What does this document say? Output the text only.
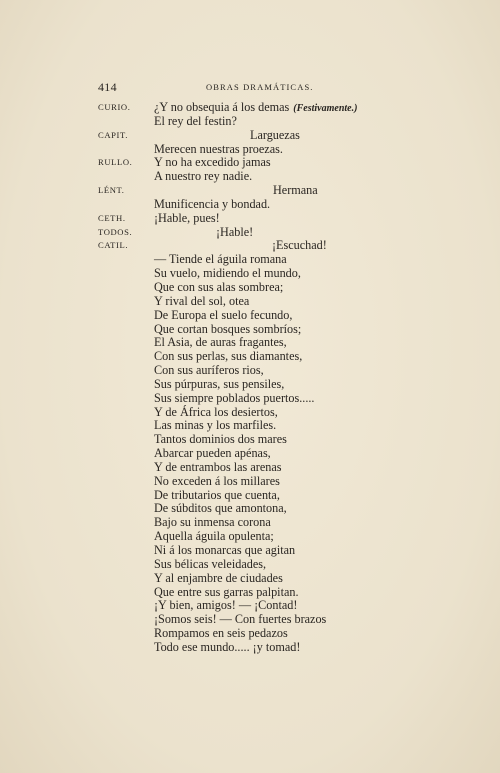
414	OBRAS DRAMÁTICAS.
CURIO. ¿Y no obsequia á los demas (Festivamente.)
El rey del festin?
CAPIT.	Larguezas
Merecen nuestras proezas.
RULLO. Y no ha excedido jamas
A nuestro rey nadie.
LÉNT.	Hermana
Munificencia y bondad.
CETH. ¡Hable, pues!
TODOS.	¡Hable!
CATIL.	¡Escuchad!
— Tiende el águila romana
Su vuelo, midiendo el mundo,
Que con sus alas sombrea;
Y rival del sol, otea
De Europa el suelo fecundo,
Que cortan bosques sombríos;
El Asia, de auras fragantes,
Con sus perlas, sus diamantes,
Con sus auríferos rios,
Sus púrpuras, sus pensiles,
Sus siempre poblados puertos.....
Y de África los desiertos,
Las minas y los marfiles.
Tantos dominios dos mares
Abarcar pueden apénas,
Y de entrambos las arenas
No exceden á los millares
De tributarios que cuenta,
De súbditos que amontona,
Bajo su inmensa corona
Aquella águila opulenta;
Ni á los monarcas que agitan
Sus bélicas veleidades,
Y al enjambre de ciudades
Que entre sus garras palpitan.
¡Y bien, amigos! — ¡Contad!
¡Somos seis! — Con fuertes brazos
Rompamos en seis pedazos
Todo ese mundo..... ¡y tomad!
